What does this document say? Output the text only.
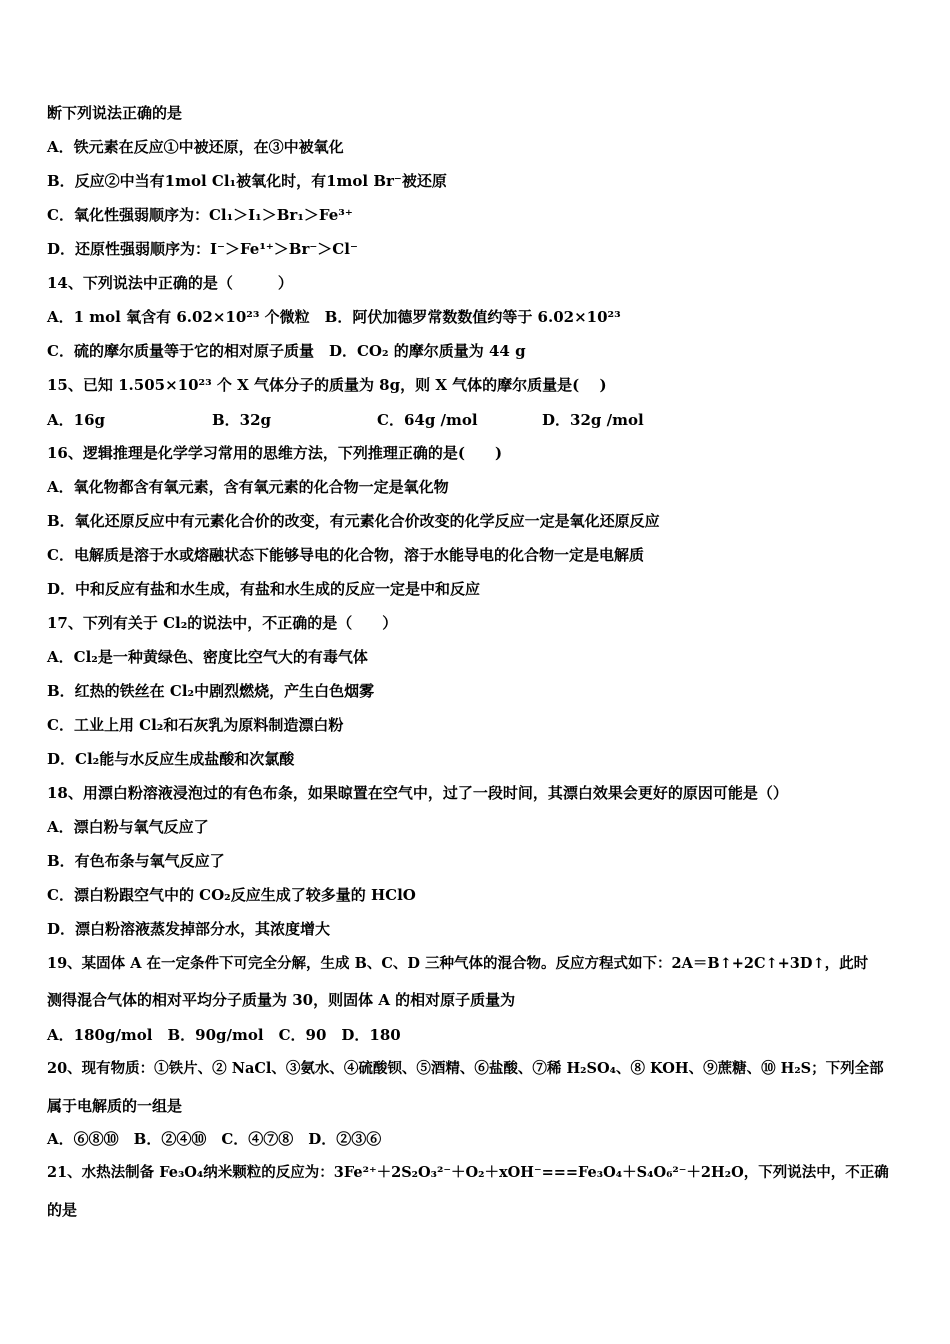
断下列说法正确的是
A．铁元素在反应①中被还原，在③中被氧化
B．反应②中当有1mol Cl₁被氧化时，有1mol Br⁻被还原
C．氧化性强弱顺序为：Cl₁＞I₁＞Br₁＞Fe³⁺
D．还原性强弱顺序为：I⁻＞Fe¹⁺＞Br⁻＞Cl⁻
14、下列说法中正确的是（　　　）
A．1 mol 氧含有 6.02×10²³ 个微粒　B．阿伏加德罗常数数值约等于 6.02×10²³
C．硫的摩尔质量等于它的相对原子质量　D．CO₂ 的摩尔质量为 44 g
15、已知 1.505×10²³ 个 X 气体分子的质量为 8g，则 X 气体的摩尔质量是(　 )
A．16g	B．32g	C．64g /mol	D．32g /mol
16、逻辑推理是化学学习常用的思维方法，下列推理正确的是(　　)
A．氧化物都含有氧元素，含有氧元素的化合物一定是氧化物
B．氧化还原反应中有元素化合价的改变，有元素化合价改变的化学反应一定是氧化还原反应
C．电解质是溶于水或熔融状态下能够导电的化合物，溶于水能导电的化合物一定是电解质
D．中和反应有盐和水生成，有盐和水生成的反应一定是中和反应
17、下列有关于 Cl₂的说法中，不正确的是（　　）
A．Cl₂是一种黄绿色、密度比空气大的有毒气体
B．红热的铁丝在 Cl₂中剧烈燃烧，产生白色烟雾
C．工业上用 Cl₂和石灰乳为原料制造漂白粉
D．Cl₂能与水反应生成盐酸和次氯酸
18、用漂白粉溶液浸泡过的有色布条，如果晾置在空气中，过了一段时间，其漂白效果会更好的原因可能是（）
A．漂白粉与氧气反应了
B．有色布条与氧气反应了
C．漂白粉跟空气中的 CO₂反应生成了较多量的 HClO
D．漂白粉溶液蒸发掉部分水，其浓度增大
19、某固体 A 在一定条件下可完全分解，生成 B、C、D 三种气体的混合物。反应方程式如下：2A＝B↑+2C↑+3D↑，此时
测得混合气体的相对平均分子质量为 30，则固体 A 的相对原子质量为
A．180g/mol　B．90g/mol　C．90　D．180
20、现有物质：①铁片、② NaCl、③氨水、④硫酸钡、⑤酒精、⑥盐酸、⑦稀 H₂SO₄、⑧ KOH、⑨蔗糖、⑩ H₂S；下列全部
属于电解质的一组是
A．⑥⑧⑩　B．②④⑩　C．④⑦⑧　D．②③⑥
21、水热法制备 Fe₃O₄纳米颗粒的反应为：3Fe²⁺＋2S₂O₃²⁻＋O₂＋xOH⁻===Fe₃O₄＋S₄O₆²⁻＋2H₂O，下列说法中，不正确
的是
